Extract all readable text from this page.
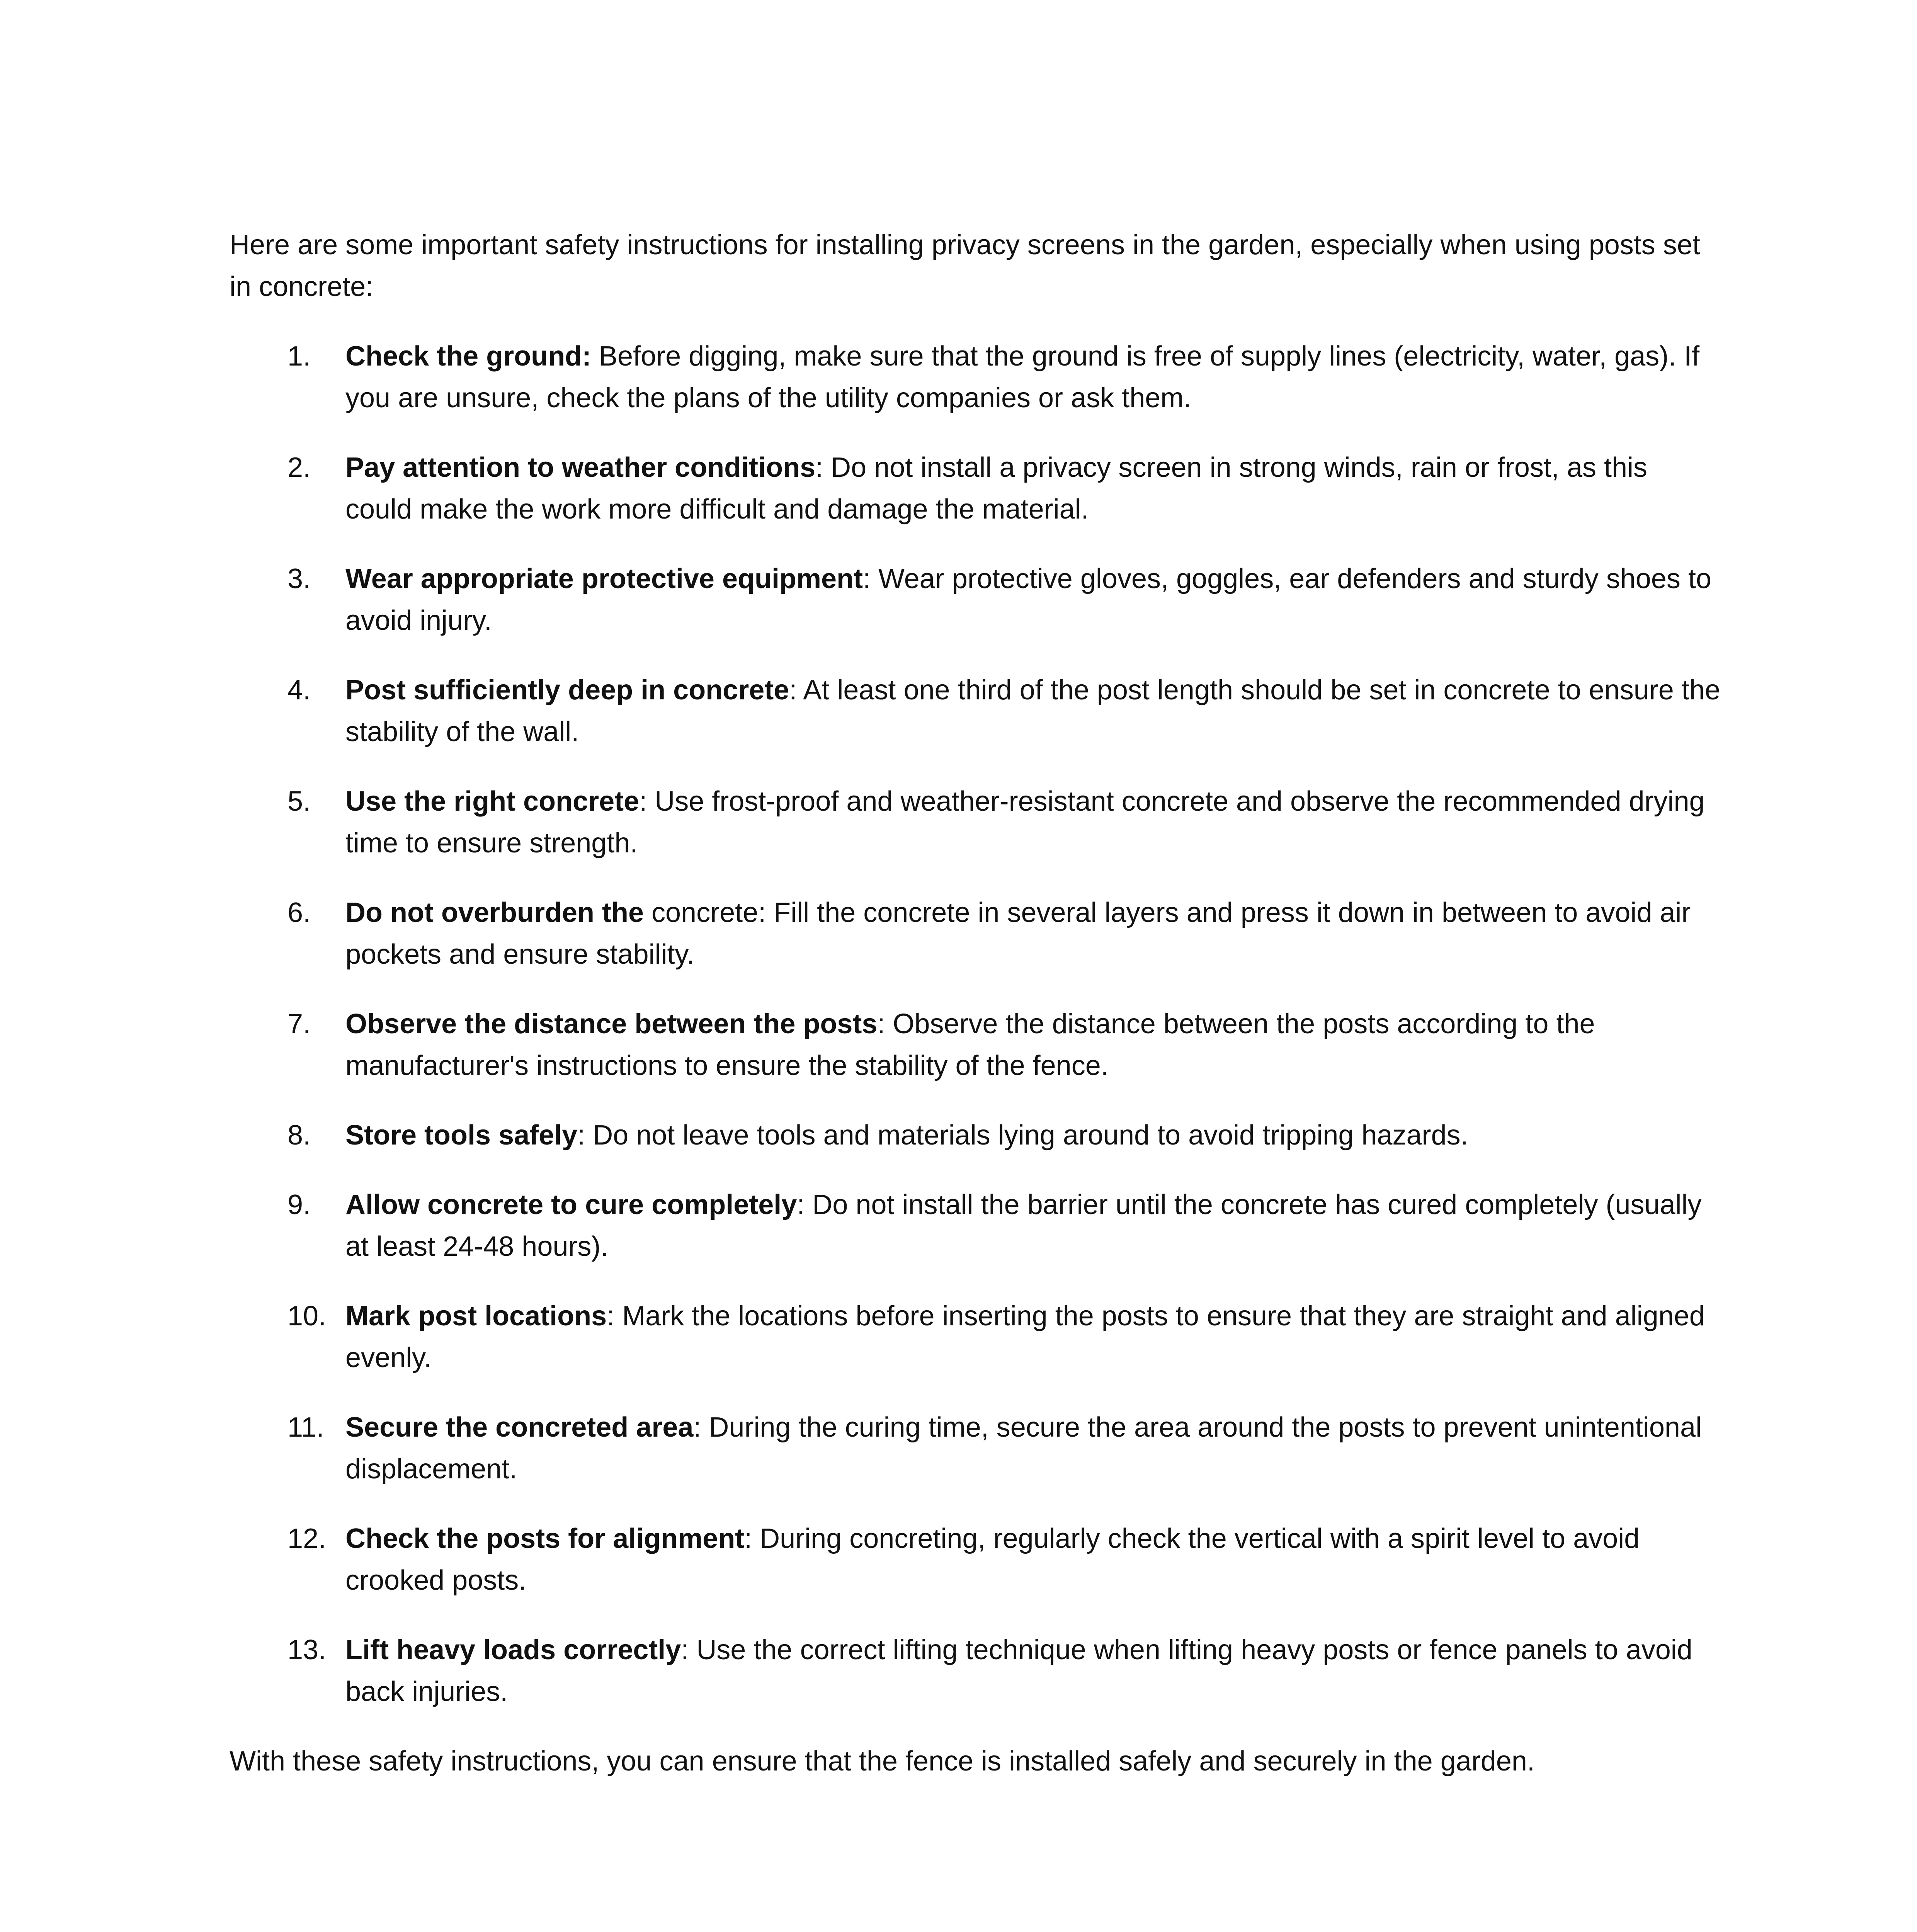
Here are some important safety instructions for installing privacy screens in the garden, especially when using posts set in concrete:

1. Check the ground: Before digging, make sure that the ground is free of supply lines (electricity, water, gas). If you are unsure, check the plans of the utility companies or ask them.
2. Pay attention to weather conditions: Do not install a privacy screen in strong winds, rain or frost, as this could make the work more difficult and damage the material.
3. Wear appropriate protective equipment: Wear protective gloves, goggles, ear defenders and sturdy shoes to avoid injury.
4. Post sufficiently deep in concrete: At least one third of the post length should be set in concrete to ensure the stability of the wall.
5. Use the right concrete: Use frost-proof and weather-resistant concrete and observe the recommended drying time to ensure strength.
6. Do not overburden the concrete: Fill the concrete in several layers and press it down in between to avoid air pockets and ensure stability.
7. Observe the distance between the posts: Observe the distance between the posts according to the manufacturer's instructions to ensure the stability of the fence.
8. Store tools safely: Do not leave tools and materials lying around to avoid tripping hazards.
9. Allow concrete to cure completely: Do not install the barrier until the concrete has cured completely (usually at least 24-48 hours).
10. Mark post locations: Mark the locations before inserting the posts to ensure that they are straight and aligned evenly.
11. Secure the concreted area: During the curing time, secure the area around the posts to prevent unintentional displacement.
12. Check the posts for alignment: During concreting, regularly check the vertical with a spirit level to avoid crooked posts.
13. Lift heavy loads correctly: Use the correct lifting technique when lifting heavy posts or fence panels to avoid back injuries.

With these safety instructions, you can ensure that the fence is installed safely and securely in the garden.
